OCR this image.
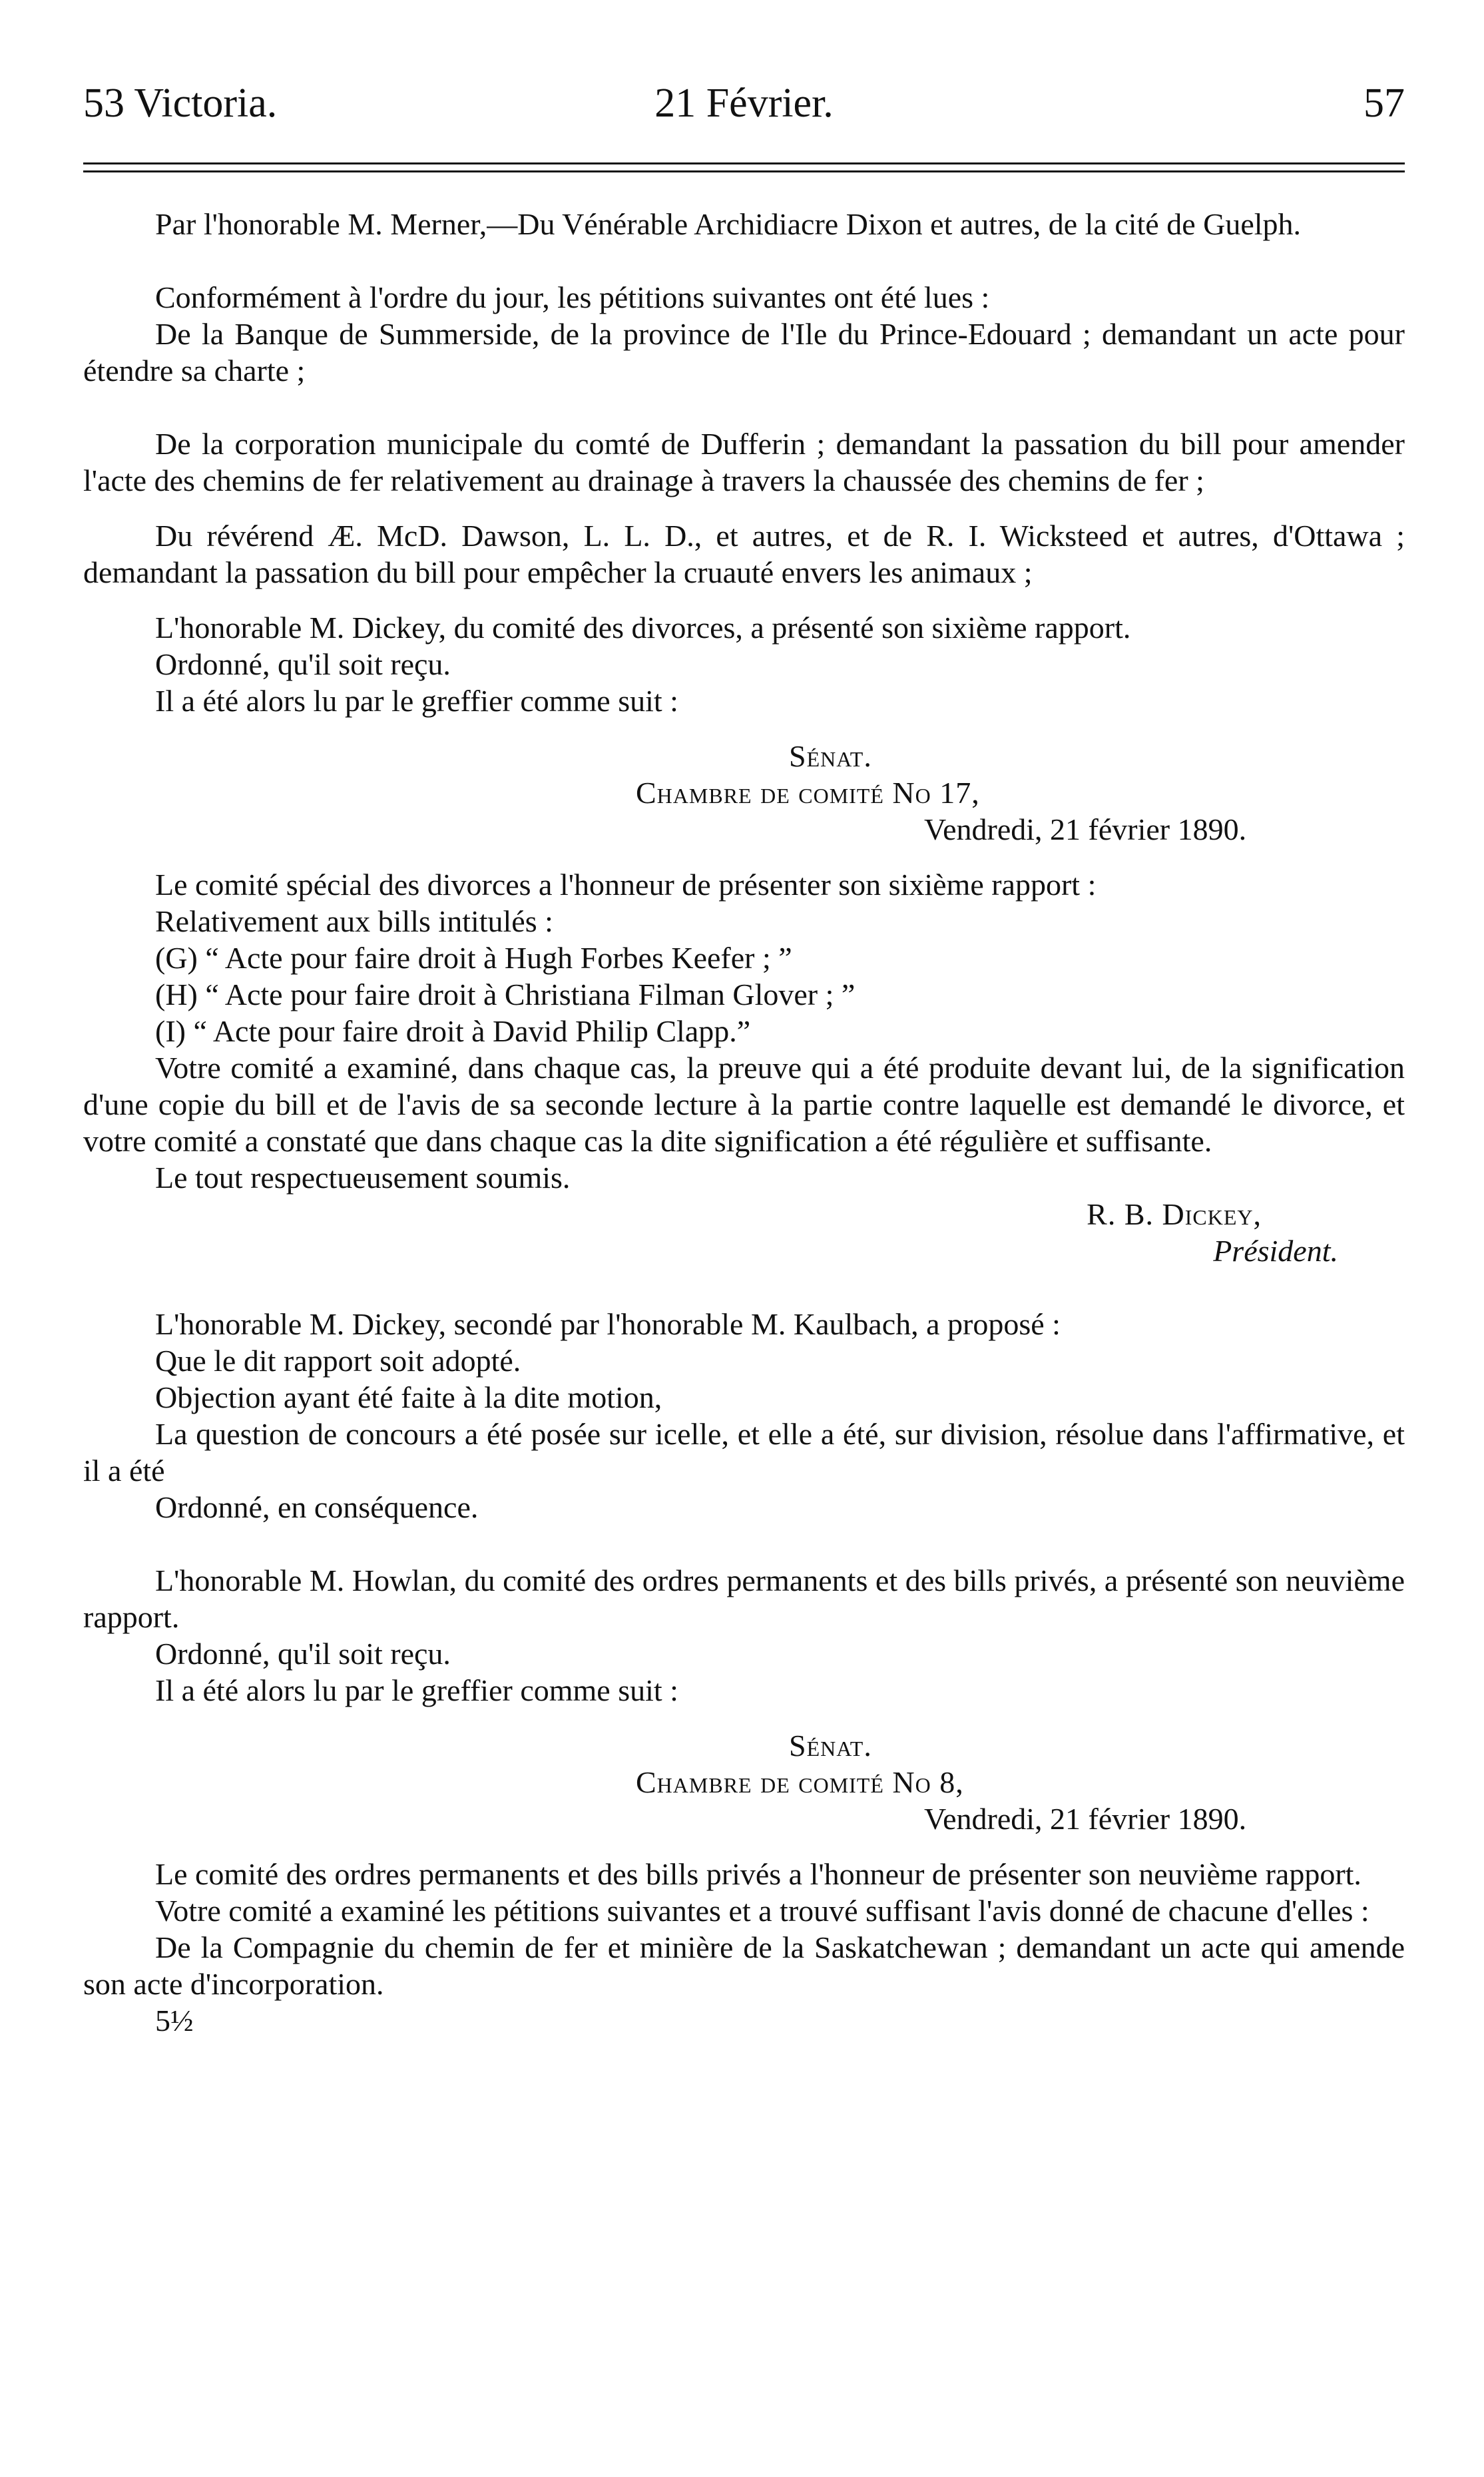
53 Victoria.	21 Février.	57

Par l'honorable M. Merner,—Du Vénérable Archidiacre Dixon et autres, de la cité de Guelph.

Conformément à l'ordre du jour, les pétitions suivantes ont été lues :

De la Banque de Summerside, de la province de l'Ile du Prince-Edouard ; demandant un acte pour étendre sa charte ;

De la corporation municipale du comté de Dufferin ; demandant la passation du bill pour amender l'acte des chemins de fer relativement au drainage à travers la chaussée des chemins de fer ;

Du révérend Æ. McD. Dawson, L. L. D., et autres, et de R. I. Wicksteed et autres, d'Ottawa ; demandant la passation du bill pour empêcher la cruauté envers les animaux ;

L'honorable M. Dickey, du comité des divorces, a présenté son sixième rapport.

Ordonné, qu'il soit reçu.

Il a été alors lu par le greffier comme suit :

Sénat.

Chambre de comité No 17,

Vendredi, 21 février 1890.

Le comité spécial des divorces a l'honneur de présenter son sixième rapport :

Relativement aux bills intitulés :

(G) “ Acte pour faire droit à Hugh Forbes Keefer ; ”

(H) “ Acte pour faire droit à Christiana Filman Glover ; ”

(I) “ Acte pour faire droit à David Philip Clapp.”

Votre comité a examiné, dans chaque cas, la preuve qui a été produite devant lui, de la signification d'une copie du bill et de l'avis de sa seconde lecture à la partie contre laquelle est demandé le divorce, et votre comité a constaté que dans chaque cas la dite signification a été régulière et suffisante.

Le tout respectueusement soumis.

R. B. Dickey,

Président.

L'honorable M. Dickey, secondé par l'honorable M. Kaulbach, a proposé :

Que le dit rapport soit adopté.

Objection ayant été faite à la dite motion,

La question de concours a été posée sur icelle, et elle a été, sur division, résolue dans l'affirmative, et il a été

Ordonné, en conséquence.

L'honorable M. Howlan, du comité des ordres permanents et des bills privés, a présenté son neuvième rapport.

Ordonné, qu'il soit reçu.

Il a été alors lu par le greffier comme suit :

Sénat.

Chambre de comité No 8,

Vendredi, 21 février 1890.

Le comité des ordres permanents et des bills privés a l'honneur de présenter son neuvième rapport.

Votre comité a examiné les pétitions suivantes et a trouvé suffisant l'avis donné de chacune d'elles :

De la Compagnie du chemin de fer et minière de la Saskatchewan ; demandant un acte qui amende son acte d'incorporation.

5½
